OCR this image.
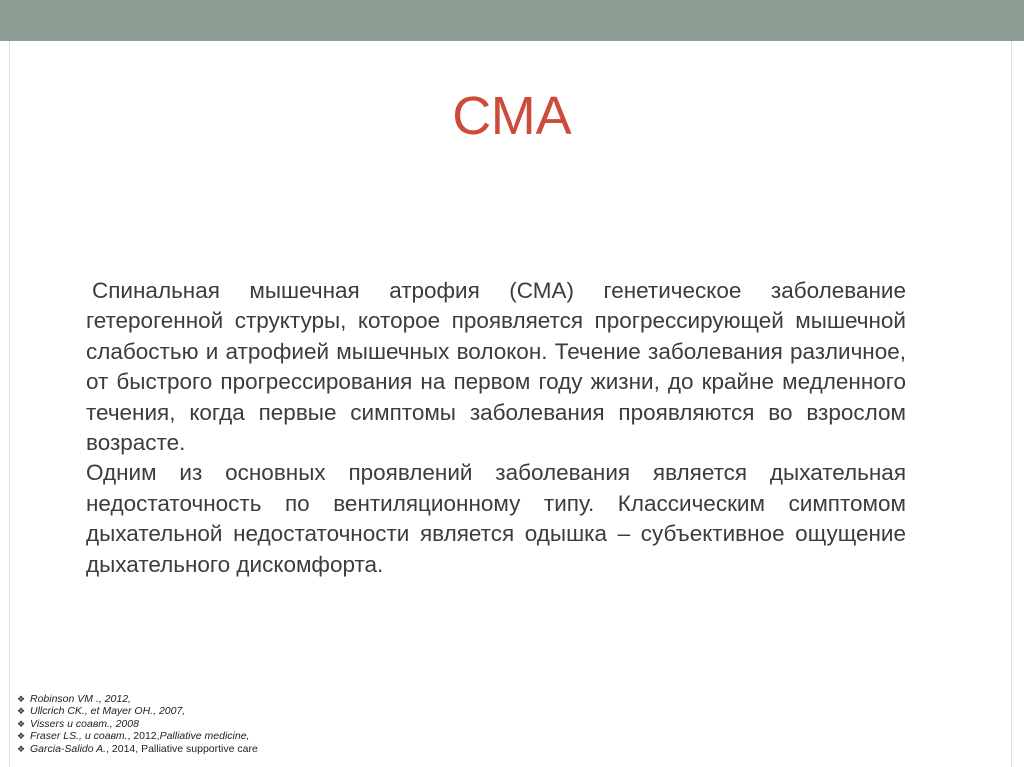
СМА

Спинальная мышечная атрофия (СМА) генетическое заболевание гетерогенной структуры, которое проявляется прогрессирующей мышечной слабостью и атрофией мышечных волокон. Течение заболевания различное, от быстрого прогрессирования на первом году жизни, до крайне медленного течения, когда первые симптомы заболевания проявляются во взрослом возрасте.

Одним из основных проявлений заболевания является дыхательная недостаточность по вентиляционному типу. Классическим симптомом дыхательной недостаточности является одышка – субъективное ощущение дыхательного дискомфорта.

❖ Robinson VM ., 2012,
❖ Ullcrich CK., et Mayer OH., 2007,
❖ Vissers и соавт., 2008
❖ Fraser LS., и соавт. , 2012, Palliative medicine,
❖ Garcia-Salido A. , 2014, Palliative supportive care
